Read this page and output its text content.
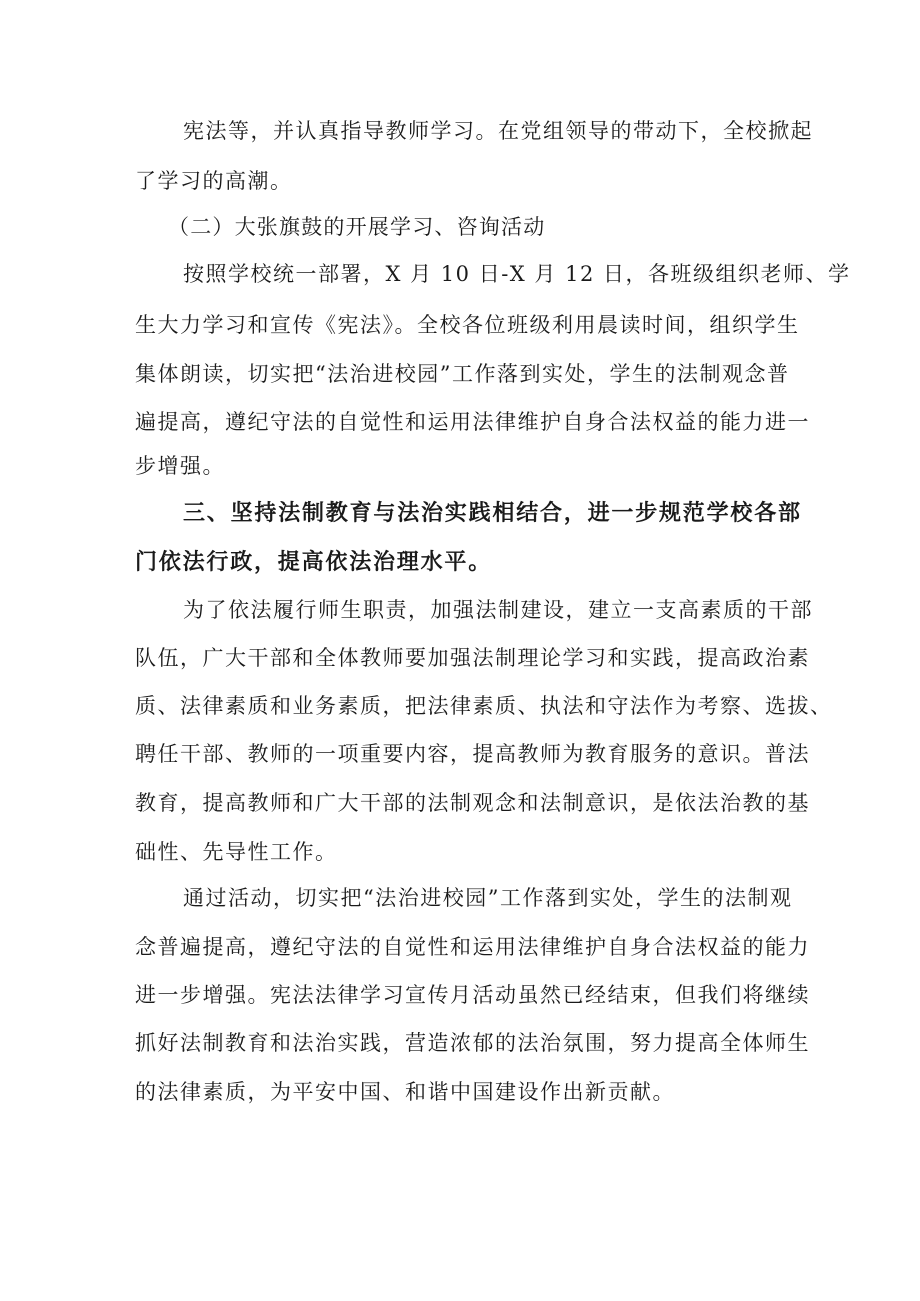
宪法等，并认真指导教师学习。在党组领导的带动下，全校掀起

了学习的高潮。

（二）大张旗鼓的开展学习、咨询活动

按照学校统一部署，X 月 10 日-X 月 12 日，各班级组织老师、学

生大力学习和宣传《宪法》。全校各位班级利用晨读时间，组织学生

集体朗读，切实把“法治进校园”工作落到实处，学生的法制观念普

遍提高，遵纪守法的自觉性和运用法律维护自身合法权益的能力进一

步增强。

三、坚持法制教育与法治实践相结合，进一步规范学校各部

门依法行政，提高依法治理水平。

为了依法履行师生职责，加强法制建设，建立一支高素质的干部

队伍，广大干部和全体教师要加强法制理论学习和实践，提高政治素

质、法律素质和业务素质，把法律素质、执法和守法作为考察、选拔、

聘任干部、教师的一项重要内容，提高教师为教育服务的意识。普法

教育，提高教师和广大干部的法制观念和法制意识，是依法治教的基

础性、先导性工作。

通过活动，切实把“法治进校园”工作落到实处，学生的法制观

念普遍提高，遵纪守法的自觉性和运用法律维护自身合法权益的能力

进一步增强。宪法法律学习宣传月活动虽然已经结束，但我们将继续

抓好法制教育和法治实践，营造浓郁的法治氛围，努力提高全体师生

的法律素质，为平安中国、和谐中国建设作出新贡献。
